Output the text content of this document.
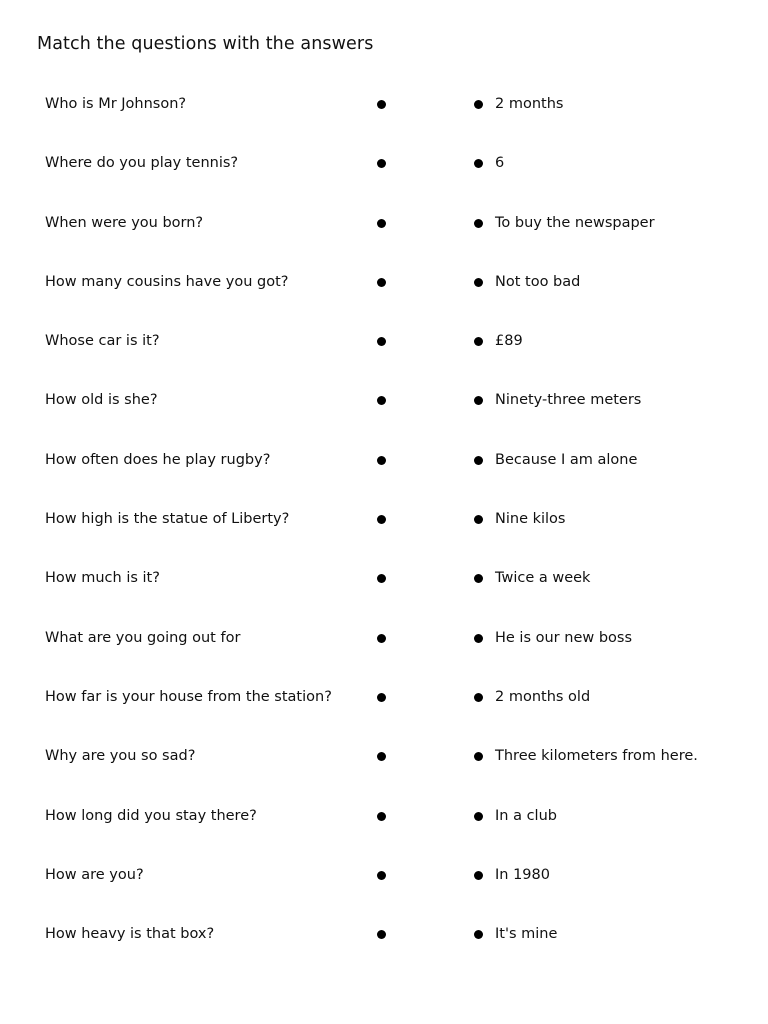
Match the questions with the answers
Who is Mr Johnson?	2 months
Where do you play tennis?	6
When were you born?	To buy the newspaper
How many cousins have you got?	Not too bad
Whose car is it?	£89
How old is she?	Ninety-three meters
How often does he play rugby?	Because I am alone
How high is the statue of Liberty?	Nine kilos
How much is it?	Twice a week
What are you going out for	He is our new boss
How far is your house from the station?	2 months old
Why are you so sad?	Three kilometers from here.
How long did you stay there?	In a club
How are you?	In 1980
How heavy is that box?	It's mine
